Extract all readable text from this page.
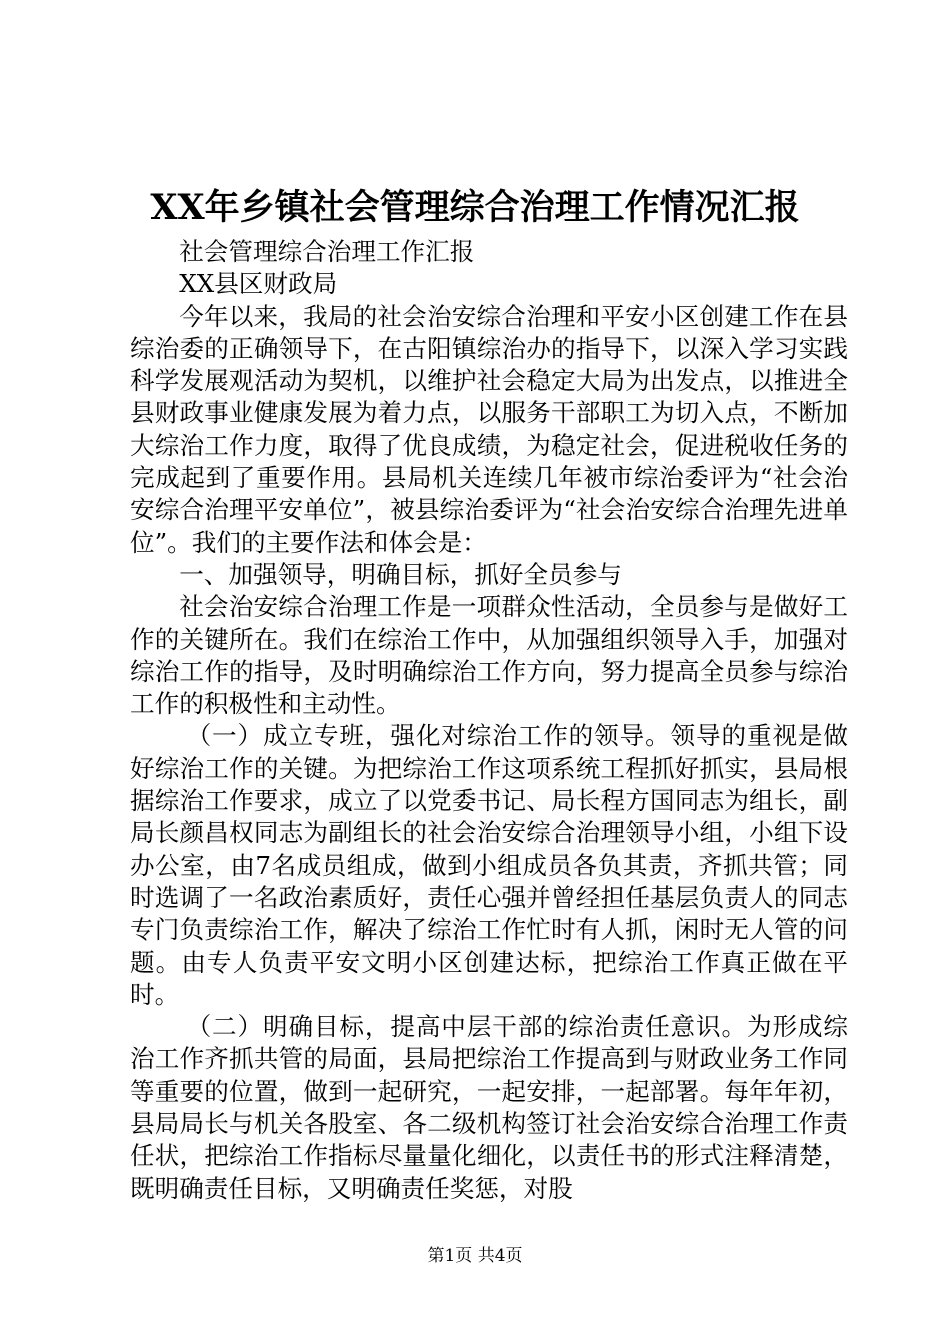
XX年乡镇社会管理综合治理工作情况汇报

社会管理综合治理工作汇报

XX县区财政局

今年以来，我局的社会治安综合治理和平安小区创建工作在县综治委的正确领导下，在古阳镇综治办的指导下，以深入学习实践科学发展观活动为契机，以维护社会稳定大局为出发点，以推进全县财政事业健康发展为着力点，以服务干部职工为切入点，不断加大综治工作力度，取得了优良成绩，为稳定社会，促进税收任务的完成起到了重要作用。县局机关连续几年被市综治委评为“社会治安综合治理平安单位”，被县综治委评为“社会治安综合治理先进单位”。我们的主要作法和体会是：

一、加强领导，明确目标，抓好全员参与

社会治安综合治理工作是一项群众性活动，全员参与是做好工作的关键所在。我们在综治工作中，从加强组织领导入手，加强对综治工作的指导，及时明确综治工作方向，努力提高全员参与综治工作的积极性和主动性。

（一）成立专班，强化对综治工作的领导。领导的重视是做好综治工作的关键。为把综治工作这项系统工程抓好抓实，县局根据综治工作要求，成立了以党委书记、局长程方国同志为组长，副局长颜昌权同志为副组长的社会治安综合治理领导小组，小组下设办公室，由7名成员组成，做到小组成员各负其责，齐抓共管；同时选调了一名政治素质好，责任心强并曾经担任基层负责人的同志专门负责综治工作，解决了综治工作忙时有人抓，闲时无人管的问题。由专人负责平安文明小区创建达标，把综治工作真正做在平时。

（二）明确目标，提高中层干部的综治责任意识。为形成综治工作齐抓共管的局面，县局把综治工作提高到与财政业务工作同等重要的位置，做到一起研究，一起安排，一起部署。每年年初，县局局长与机关各股室、各二级机构签订社会治安综合治理工作责任状，把综治工作指标尽量量化细化，以责任书的形式注释清楚，既明确责任目标，又明确责任奖惩，对股

第1页 共4页
